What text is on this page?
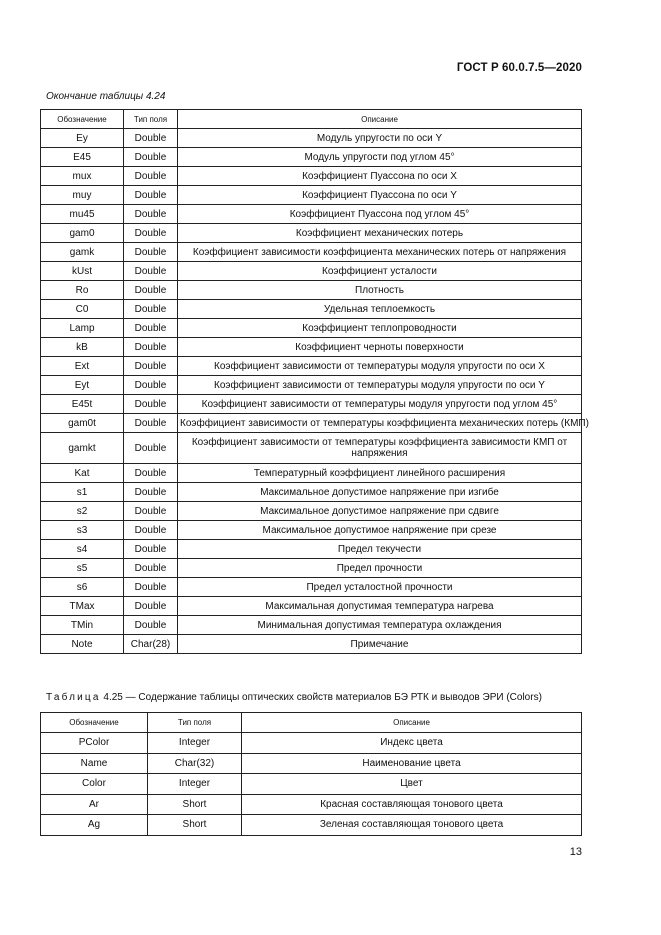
ГОСТ Р 60.0.7.5—2020
Окончание таблицы 4.24
Обозначение	Тип поля	Описание
Ey	Double	Модуль упругости по оси Y
E45	Double	Модуль упругости под углом 45°
mux	Double	Коэффициент Пуассона по оси X
muy	Double	Коэффициент Пуассона по оси Y
mu45	Double	Коэффициент Пуассона под углом 45°
gam0	Double	Коэффициент механических потерь
gamk	Double	Коэффициент зависимости коэффициента механических потерь от напряжения
kUst	Double	Коэффициент усталости
Ro	Double	Плотность
C0	Double	Удельная теплоемкость
Lamp	Double	Коэффициент теплопроводности
kB	Double	Коэффициент черноты поверхности
Ext	Double	Коэффициент зависимости от температуры модуля упругости по оси X
Eyt	Double	Коэффициент зависимости от температуры модуля упругости по оси Y
E45t	Double	Коэффициент зависимости от температуры модуля упругости под углом 45°
gam0t	Double	Коэффициент зависимости от температуры коэффициента механических потерь (КМП)
gamkt	Double	Коэффициент зависимости от температуры коэффициента зависимости КМП от напряжения
Kat	Double	Температурный коэффициент линейного расширения
s1	Double	Максимальное допустимое напряжение при изгибе
s2	Double	Максимальное допустимое напряжение при сдвиге
s3	Double	Максимальное допустимое напряжение при срезе
s4	Double	Предел текучести
s5	Double	Предел прочности
s6	Double	Предел усталостной прочности
TMax	Double	Максимальная допустимая температура нагрева
TMin	Double	Минимальная допустимая температура охлаждения
Note	Char(28)	Примечание
Таблица 4.25 — Содержание таблицы оптических свойств материалов БЭ РТК и выводов ЭРИ (Colors)
Обозначение	Тип поля	Описание
PColor	Integer	Индекс цвета
Name	Char(32)	Наименование цвета
Color	Integer	Цвет
Ar	Short	Красная составляющая тонового цвета
Ag	Short	Зеленая составляющая тонового цвета
13
